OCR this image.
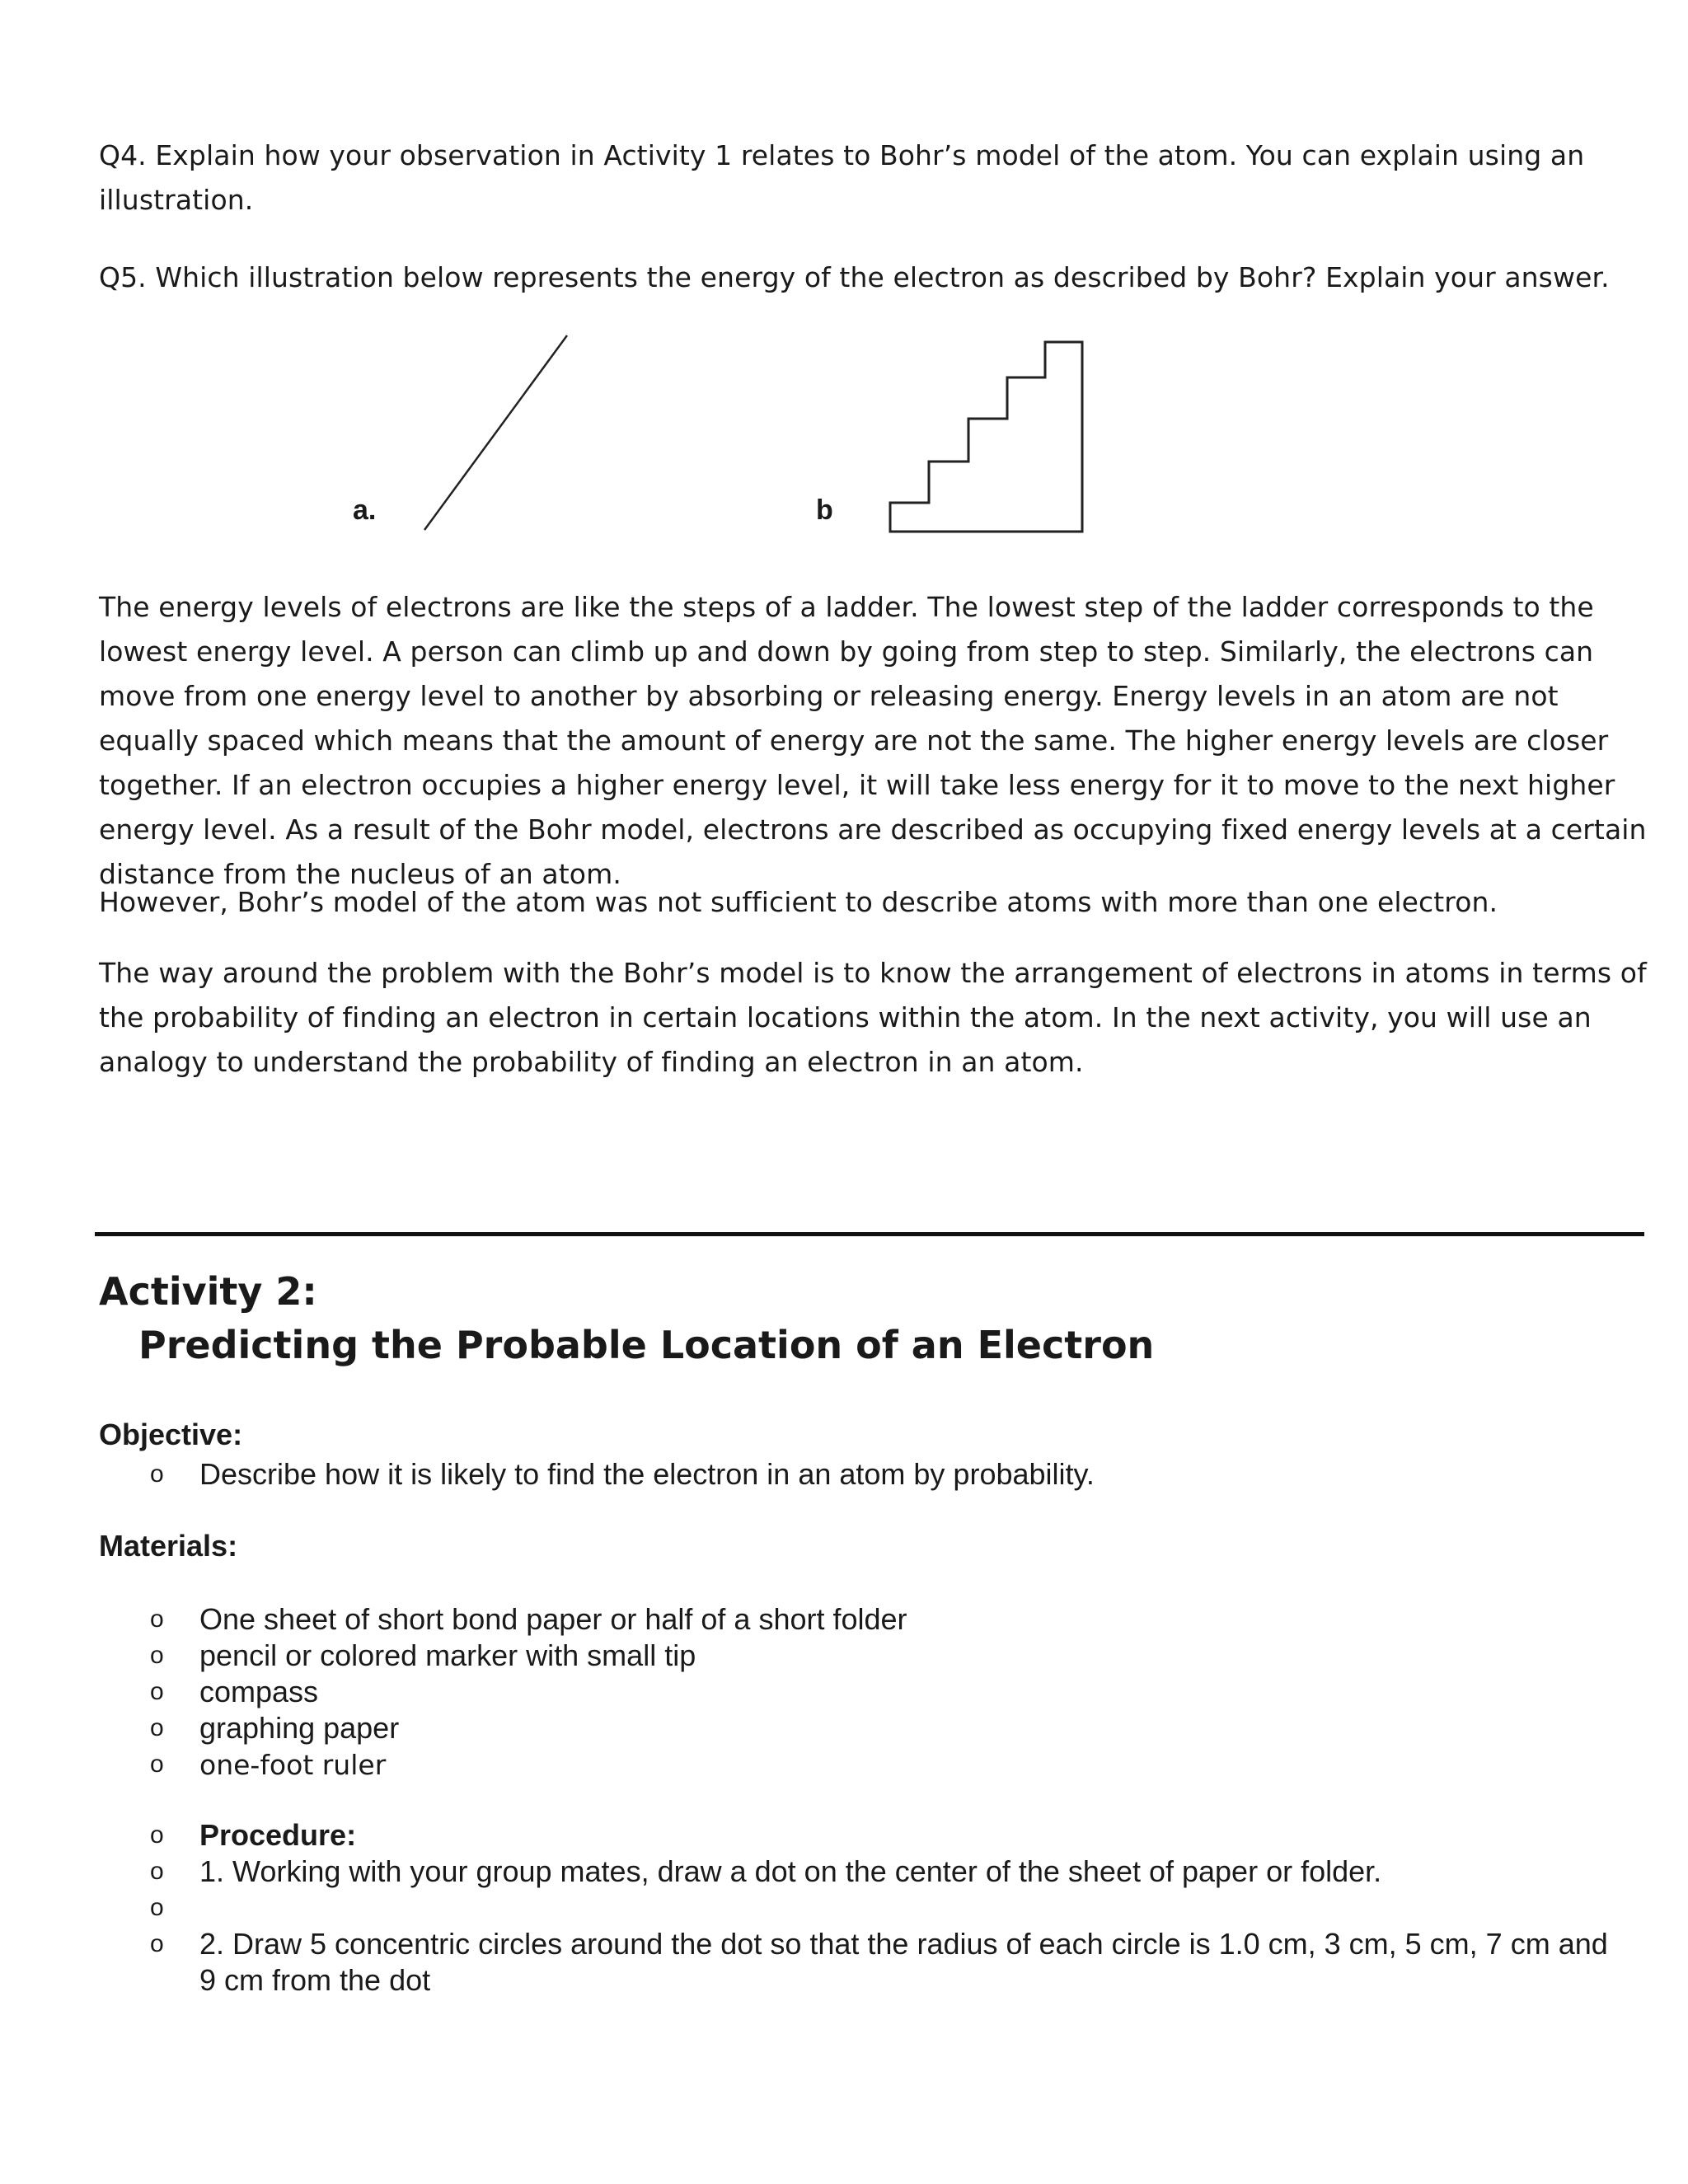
Q4. Explain how your observation in Activity 1 relates to Bohr’s model of the atom. You can explain using an illustration.

Q5. Which illustration below represents the energy of the electron as described by Bohr? Explain your answer.

a.	b

The energy levels of electrons are like the steps of a ladder. The lowest step of the ladder corresponds to the lowest energy level. A person can climb up and down by going from step to step. Similarly, the electrons can move from one energy level to another by absorbing or releasing energy. Energy levels in an atom are not equally spaced which means that the amount of energy are not the same. The higher energy levels are closer together. If an electron occupies a higher energy level, it will take less energy for it to move to the next higher energy level. As a result of the Bohr model, electrons are described as occupying fixed energy levels at a certain distance from the nucleus of an atom.

However, Bohr’s model of the atom was not sufficient to describe atoms with more than one electron.

The way around the problem with the Bohr’s model is to know the arrangement of electrons in atoms in terms of the probability of finding an electron in certain locations within the atom. In the next activity, you will use an analogy to understand the probability of finding an electron in an atom.

Activity 2:
Predicting the Probable Location of an Electron

Objective:

o Describe how it is likely to find the electron in an atom by probability.

Materials:

o One sheet of short bond paper or half of a short folder
o pencil or colored marker with small tip
o compass
o graphing paper
o one-foot ruler
o Procedure:
o 1. Working with your group mates, draw a dot on the center of the sheet of paper or folder.
o

o 2. Draw 5 concentric circles around the dot so that the radius of each circle is 1.0 cm, 3 cm, 5 cm, 7 cm and 9 cm from the dot
